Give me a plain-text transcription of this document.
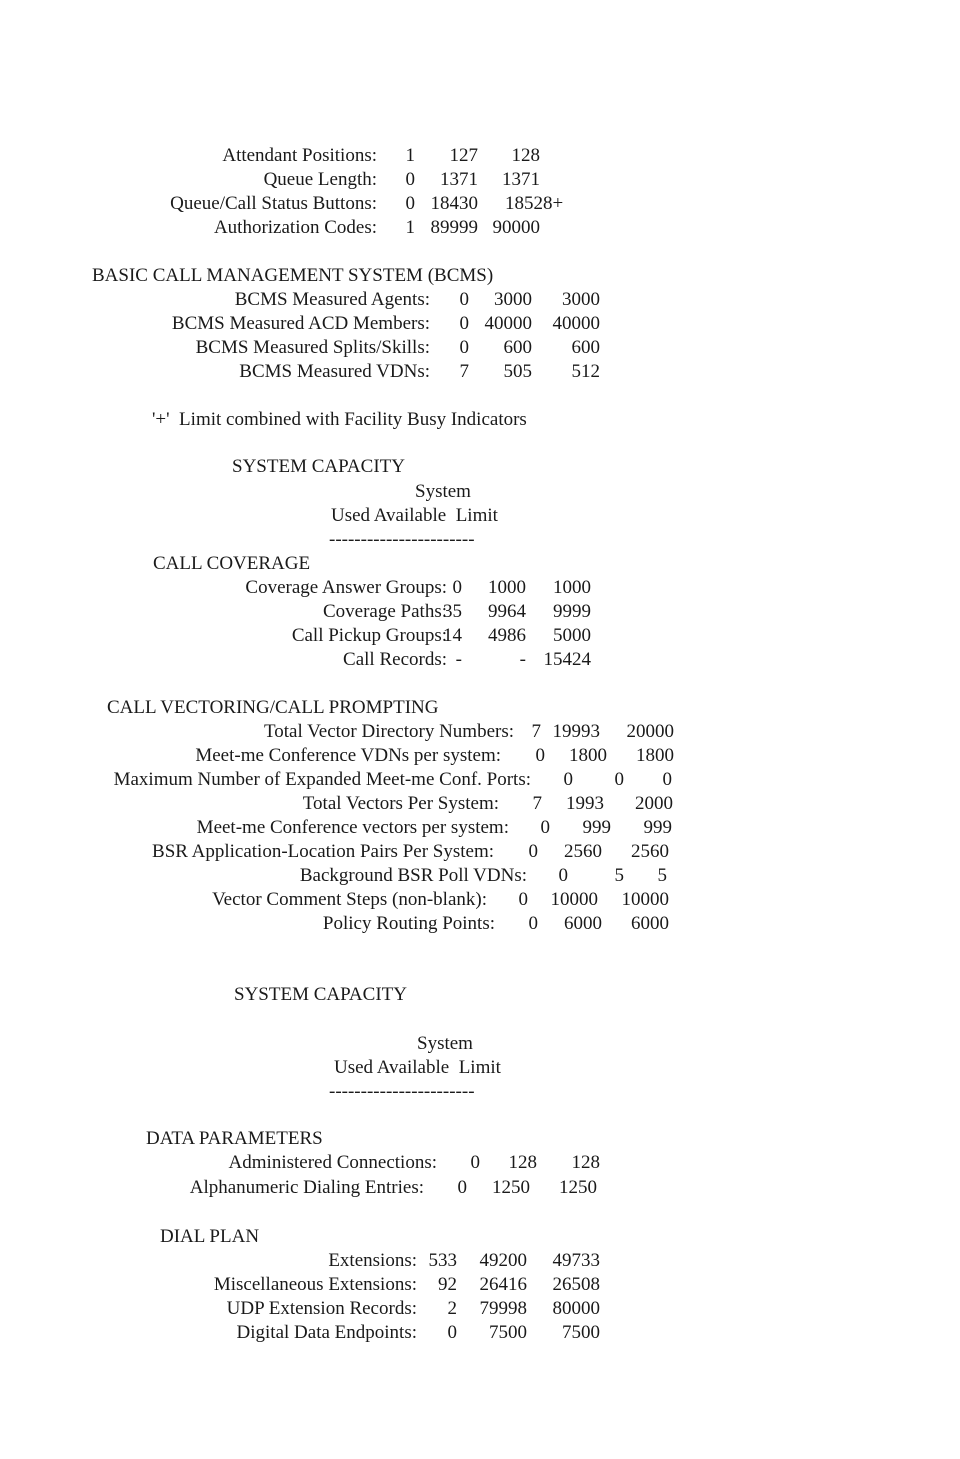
Attendant Positions: 1 127 128
Queue Length: 0 1371 1371
Queue/Call Status Buttons: 0 18430
Authorization Codes: 1 89999 90000
18528+
BASIC CALL MANAGEMENT SYSTEM (BCMS)
BCMS Measured Agents: 0 3000 3000
BCMS Measured ACD Members: 0 40000 40000
BCMS Measured Splits/Skills: 0 600 600
BCMS Measured VDNs: 7 505 512
'+'  Limit combined with Facility Busy Indicators
SYSTEM CAPACITY
System
Used Available  Limit
-----------------------
CALL COVERAGE
Coverage Answer Groups: 0 1000 1000
Coverage Paths:
35 9964 9999
Call Pickup Groups:
14 4986 5000
Call Records: -	- 15424
CALL VECTORING/CALL PROMPTING
Total Vector Directory Numbers: 7 19993 20000
Meet-me Conference VDNs per system: 0 1800 1800
Maximum Number of Expanded Meet-me Conf. Ports: 0 0 0
Total Vectors Per System: 7 1993 2000
Meet-me Conference vectors per system: 0 999 999
BSR Application-Location Pairs Per System: 0 2560 2560
Background BSR Poll VDNs: 0 5 5
Vector Comment Steps (non-blank): 0 10000 10000
Policy Routing Points: 0 6000 6000
SYSTEM CAPACITY
System
Used Available  Limit
-----------------------
DATA PARAMETERS
Administered Connections: 0 128 128
Alphanumeric Dialing Entries: 0 1250 1250
DIAL PLAN
Extensions: 533 49200 49733
Miscellaneous Extensions: 92 26416 26508
UDP Extension Records: 2 79998 80000
Digital Data Endpoints: 0 7500 7500
